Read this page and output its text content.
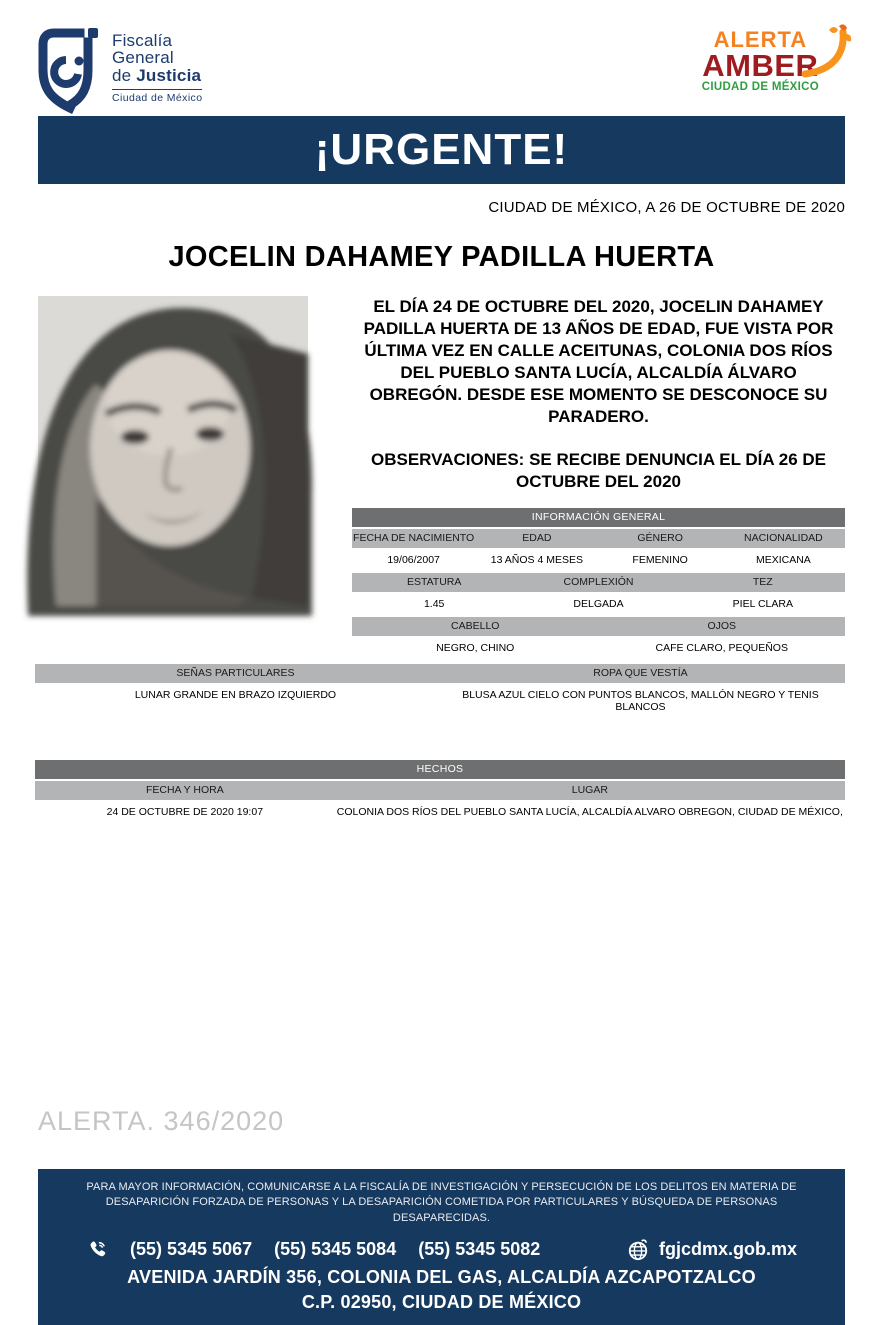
Fiscalía
General
de Justicia
Ciudad de México
ALERTA
AMBER
CIUDAD DE MÉXICO
¡URGENTE!
CIUDAD DE MÉXICO, A 26 DE OCTUBRE DE 2020
JOCELIN DAHAMEY PADILLA HUERTA
EL DÍA 24 DE OCTUBRE DEL 2020, JOCELIN DAHAMEY PADILLA HUERTA DE 13 AÑOS DE EDAD, FUE VISTA POR ÚLTIMA VEZ EN CALLE ACEITUNAS, COLONIA DOS RÍOS DEL PUEBLO SANTA LUCÍA, ALCALDÍA ÁLVARO OBREGÓN. DESDE ESE MOMENTO SE DESCONOCE SU PARADERO.
OBSERVACIONES: SE RECIBE DENUNCIA EL DÍA 26 DE OCTUBRE DEL 2020
INFORMACIÓN GENERAL
FECHA DE NACIMIENTO	EDAD	GÉNERO	NACIONALIDAD
19/06/2007	13 AÑOS 4 MESES	FEMENINO	MEXICANA
ESTATURA	COMPLEXIÓN	TEZ
1.45	DELGADA	PIEL CLARA
CABELLO	OJOS
NEGRO, CHINO	CAFE CLARO, PEQUEÑOS
SEÑAS PARTICULARES	ROPA QUE VESTÍA
LUNAR GRANDE EN BRAZO IZQUIERDO	BLUSA AZUL CIELO CON PUNTOS BLANCOS, MALLÓN NEGRO Y TENIS BLANCOS
HECHOS
FECHA Y HORA	LUGAR
24 DE OCTUBRE DE 2020 19:07	COLONIA DOS RÍOS DEL PUEBLO SANTA LUCÍA, ALCALDÍA ALVARO OBREGON, CIUDAD DE MÉXICO,
ALERTA. 346/2020
PARA MAYOR INFORMACIÓN, COMUNICARSE A LA FISCALÍA DE INVESTIGACIÓN Y PERSECUCIÓN DE LOS DELITOS EN MATERIA DE DESAPARICIÓN FORZADA DE PERSONAS Y LA DESAPARICIÓN COMETIDA POR PARTICULARES Y BÚSQUEDA DE PERSONAS DESAPARECIDAS.
(55) 5345 5067 (55) 5345 5084 (55) 5345 5082	fgjcdmx.gob.mx
AVENIDA JARDÍN 356, COLONIA DEL GAS, ALCALDÍA AZCAPOTZALCO
C.P. 02950, CIUDAD DE MÉXICO
